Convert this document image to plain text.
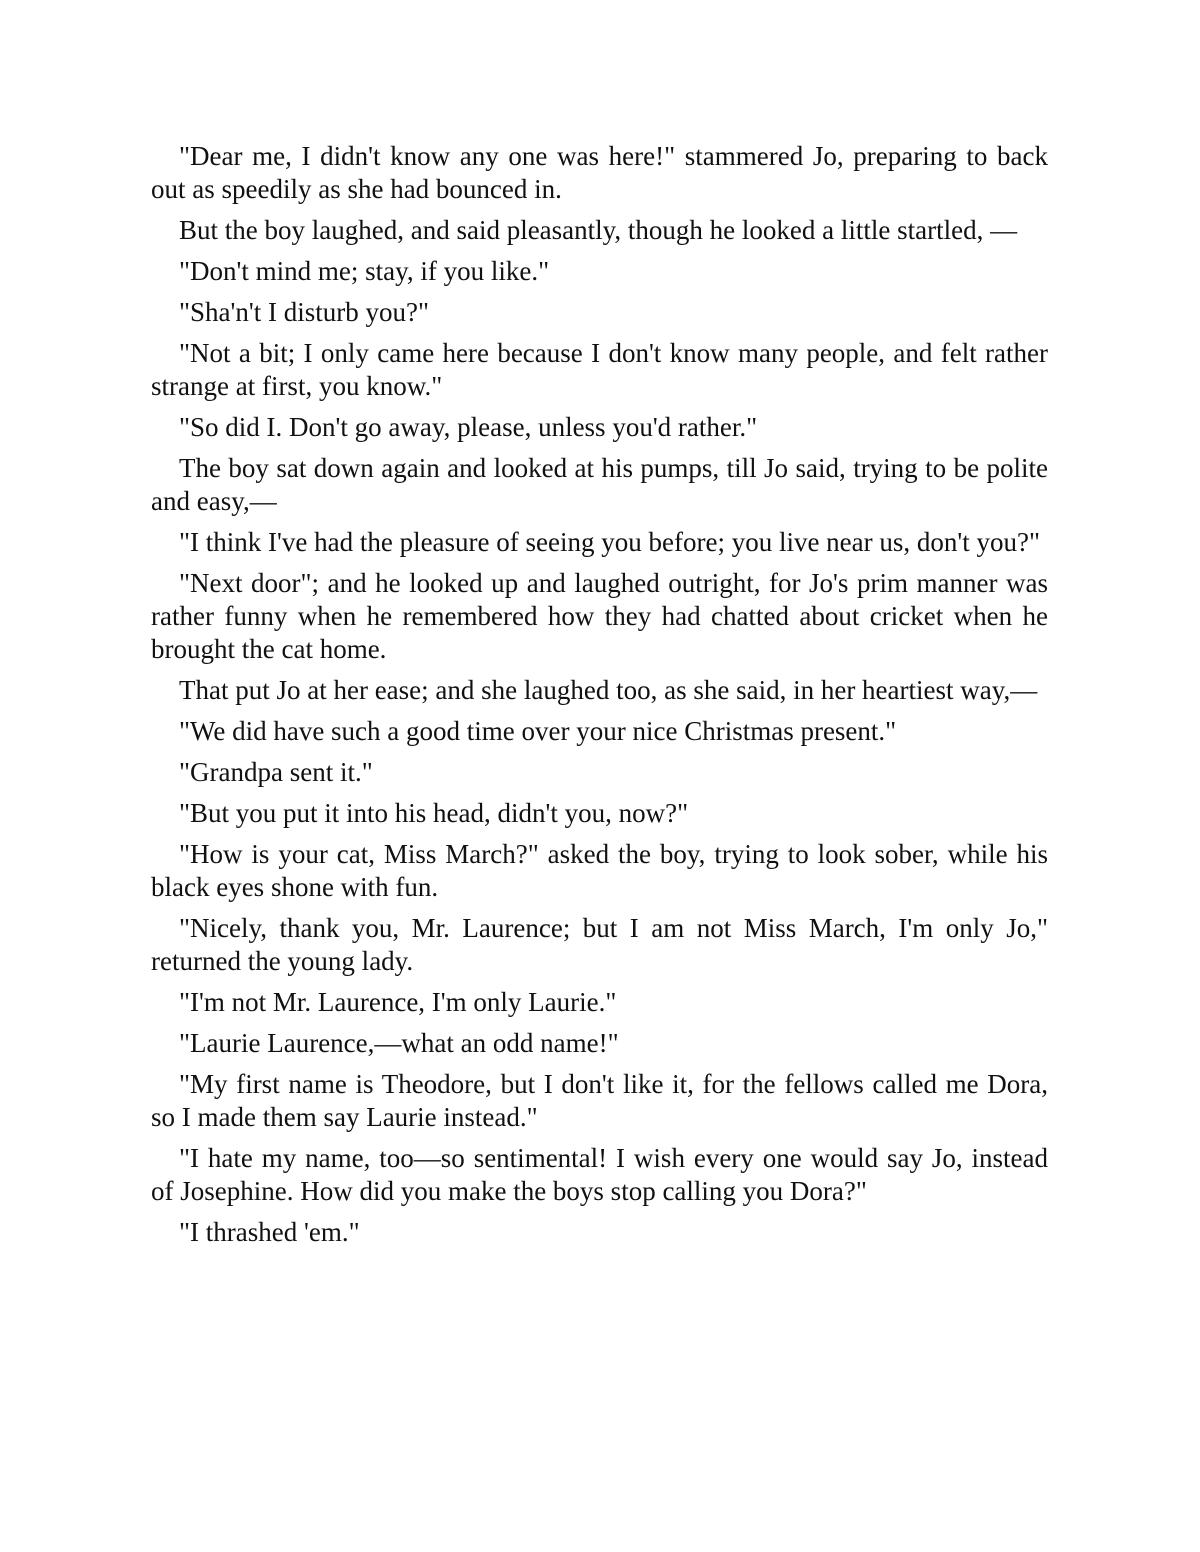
"Dear me, I didn't know any one was here!" stammered Jo, preparing to back out as speedily as she had bounced in.

But the boy laughed, and said pleasantly, though he looked a little startled, —

"Don't mind me; stay, if you like."

"Sha'n't I disturb you?"

"Not a bit; I only came here because I don't know many people, and felt rather strange at first, you know."

"So did I. Don't go away, please, unless you'd rather."

The boy sat down again and looked at his pumps, till Jo said, trying to be polite and easy,—

"I think I've had the pleasure of seeing you before; you live near us, don't you?"

"Next door"; and he looked up and laughed outright, for Jo's prim manner was rather funny when he remembered how they had chatted about cricket when he brought the cat home.

That put Jo at her ease; and she laughed too, as she said, in her heartiest way,—

"We did have such a good time over your nice Christmas present."

"Grandpa sent it."

"But you put it into his head, didn't you, now?"

"How is your cat, Miss March?" asked the boy, trying to look sober, while his black eyes shone with fun.

"Nicely, thank you, Mr. Laurence; but I am not Miss March, I'm only Jo," returned the young lady.

"I'm not Mr. Laurence, I'm only Laurie."

"Laurie Laurence,—what an odd name!"

"My first name is Theodore, but I don't like it, for the fellows called me Dora, so I made them say Laurie instead."

"I hate my name, too—so sentimental! I wish every one would say Jo, instead of Josephine. How did you make the boys stop calling you Dora?"

"I thrashed 'em."
